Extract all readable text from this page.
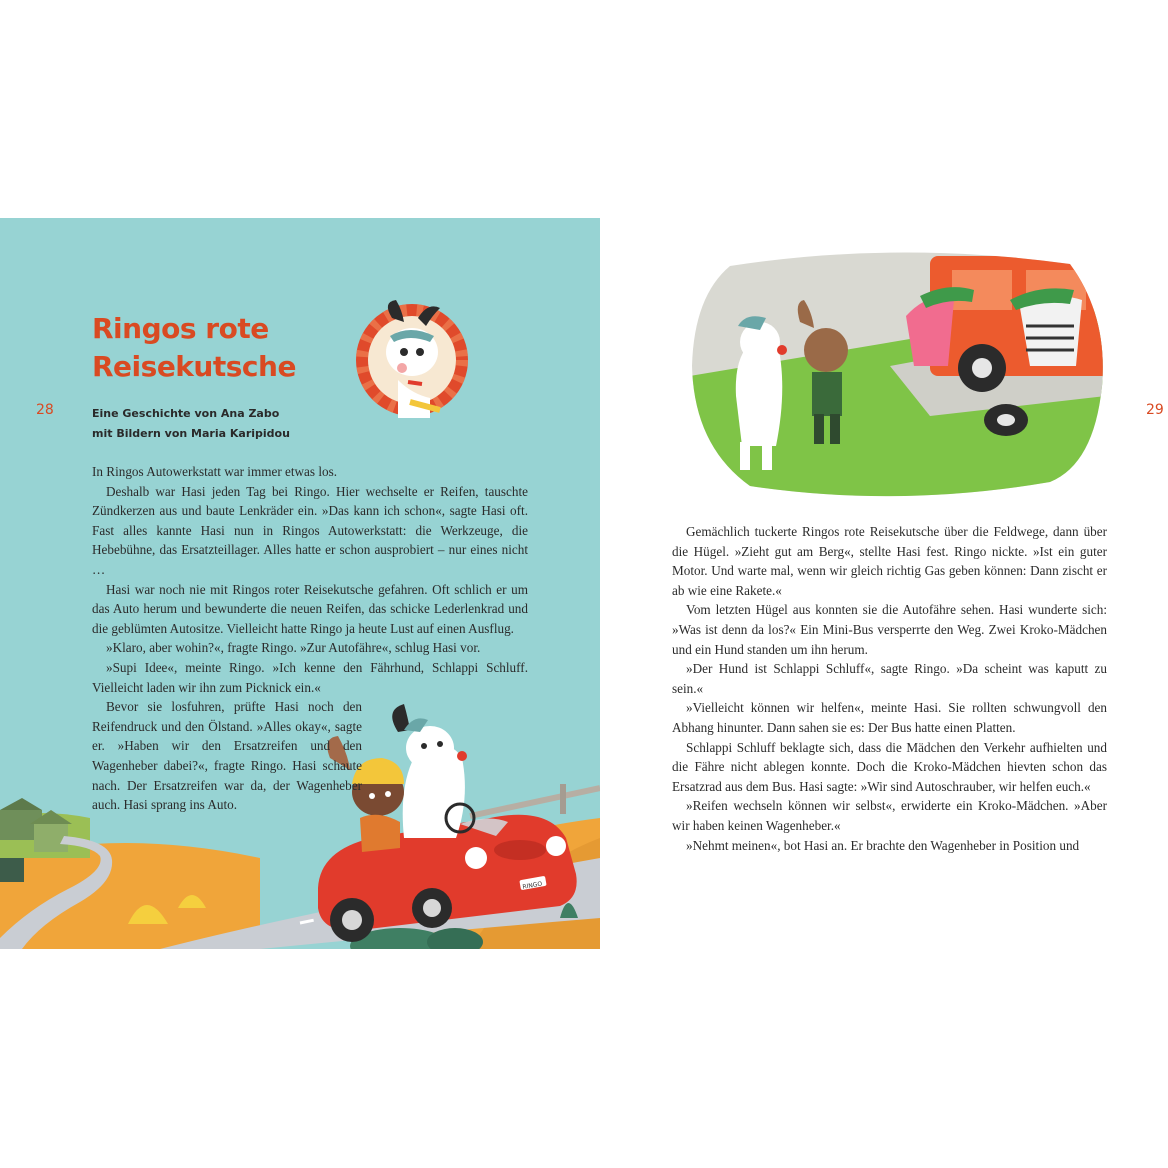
RINGO
Ringos rote
Reisekutsche
28	Eine Geschichte von Ana Zabo
mit Bildern von Maria Karipidou

In Ringos Autowerkstatt war immer etwas los.

Deshalb war Hasi jeden Tag bei Ringo. Hier wechselte er Reifen, tauschte Zündkerzen aus und baute Lenkräder ein. »Das kann ich schon«, sagte Hasi oft. Fast alles kannte Hasi nun in Ringos Autowerkstatt: die Werkzeuge, die Hebebühne, das Ersatzteillager. Alles hatte er schon ausprobiert – nur eines nicht …

Hasi war noch nie mit Ringos roter Reisekutsche gefahren. Oft schlich er um das Auto herum und bewunderte die neuen Reifen, das schicke Lederlenkrad und die geblümten Autositze. Vielleicht hatte Ringo ja heute Lust auf einen Ausflug.

»Klaro, aber wohin?«, fragte Ringo. »Zur Autofähre«, schlug Hasi vor.

»Supi Idee«, meinte Ringo. »Ich kenne den Fährhund, Schlappi Schluff. Vielleicht laden wir ihn zum Picknick ein.«

Bevor sie losfuhren, prüfte Hasi noch den Reifendruck und den Ölstand. »Alles okay«, sagte er. »Haben wir den Ersatzreifen und den Wagenheber dabei?«, fragte Ringo. Hasi schaute nach. Der Ersatzreifen war da, der Wagenheber auch. Hasi sprang ins Auto.

29

Gemächlich tuckerte Ringos rote Reisekutsche über die Feldwege, dann über die Hügel. »Zieht gut am Berg«, stellte Hasi fest. Ringo nickte. »Ist ein guter Motor. Und warte mal, wenn wir gleich richtig Gas geben können: Dann zischt er ab wie eine Rakete.«

Vom letzten Hügel aus konnten sie die Autofähre sehen. Hasi wunderte sich: »Was ist denn da los?« Ein Mini-Bus versperrte den Weg. Zwei Kroko-Mädchen und ein Hund standen um ihn herum.

»Der Hund ist Schlappi Schluff«, sagte Ringo. »Da scheint was kaputt zu sein.«

»Vielleicht können wir helfen«, meinte Hasi. Sie rollten schwungvoll den Abhang hinunter. Dann sahen sie es: Der Bus hatte einen Platten.

Schlappi Schluff beklagte sich, dass die Mädchen den Verkehr aufhielten und die Fähre nicht ablegen konnte. Doch die Kroko-Mädchen hievten schon das Ersatzrad aus dem Bus. Hasi sagte: »Wir sind Autoschrauber, wir helfen euch.«

»Reifen wechseln können wir selbst«, erwiderte ein Kroko-Mädchen. »Aber wir haben keinen Wagenheber.«

»Nehmt meinen«, bot Hasi an. Er brachte den Wagenheber in Position und
